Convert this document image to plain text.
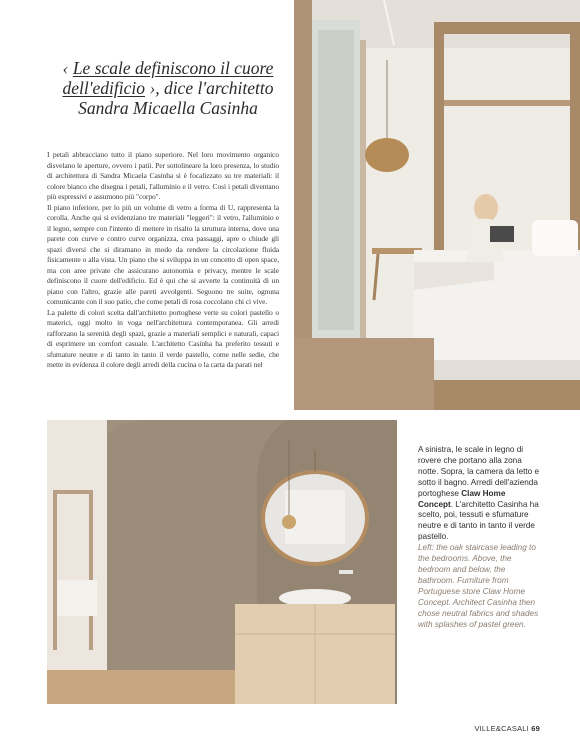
‹ Le scale definiscono il cuore
dell'edificio ›, dice l'architetto
Sandra Micaella Casinha

I petali abbracciano tutto il piano superiore. Nel loro movimento organico disvelano le aperture, ovvero i patii. Per sottolineare la loro presenza, lo studio di architettura di Sandra Micaela Casinha si è focalizzato su tre materiali: il colore bianco che disegna i petali, l'alluminio e il vetro. Così i petali diventano più espressivi e assumono più "corpo".

Il piano inferiore, per lo più un volume di vetro a forma di U, rappresenta la corolla. Anche qui si evidenziano tre materiali "leggeri": il vetro, l'alluminio e il legno, sempre con l'intento di mettere in risalto la struttura interna, dove una parete con curve e contro curve organizza, crea passaggi, apre o chiude gli spazi diversi che si diramano in modo da rendere la circolazione fluida fisicamente o alla vista. Un piano che si sviluppa in un concetto di open space, ma con aree private che assicurano autonomia e privacy, mentre le scale definiscono il cuore dell'edificio. Ed è qui che si avverte la continuità di un piano con l'altro, grazie alle pareti avvolgenti. Seguono tre suite, ognuna comunicante con il suo patio, che come petali di rosa coccolano chi ci vive.

La palette di colori scelta dall'architetto portoghese verte su colori pastello o materici, oggi molto in voga nell'architettura contemporanea. Gli arredi rafforzano la serenità degli spazi, grazie a materiali semplici e naturali, capaci di esprimere un comfort casuale. L'architetto Casinha ha preferito tessuti e sfumature neutre e di tanto in tanto il verde pastello, come nelle sedie, che mette in evidenza il colore degli arredi della cucina o la carta da parati nel

A sinistra, le scale in legno di rovere che portano alla zona notte. Sopra, la camera da letto e sotto il bagno. Arredi dell'azienda portoghese Claw Home Concept. L'architetto Casinha ha scelto, poi, tessuti e sfumature neutre e di tanto in tanto il verde pastello.
Left: the oak staircase leading to the bedrooms. Above, the bedroom and below, the bathroom. Furniture from Portuguese store Claw Home Concept. Architect Casinha then chose neutral fabrics and shades with splashes of pastel green.
VILLE&CASALI 69
